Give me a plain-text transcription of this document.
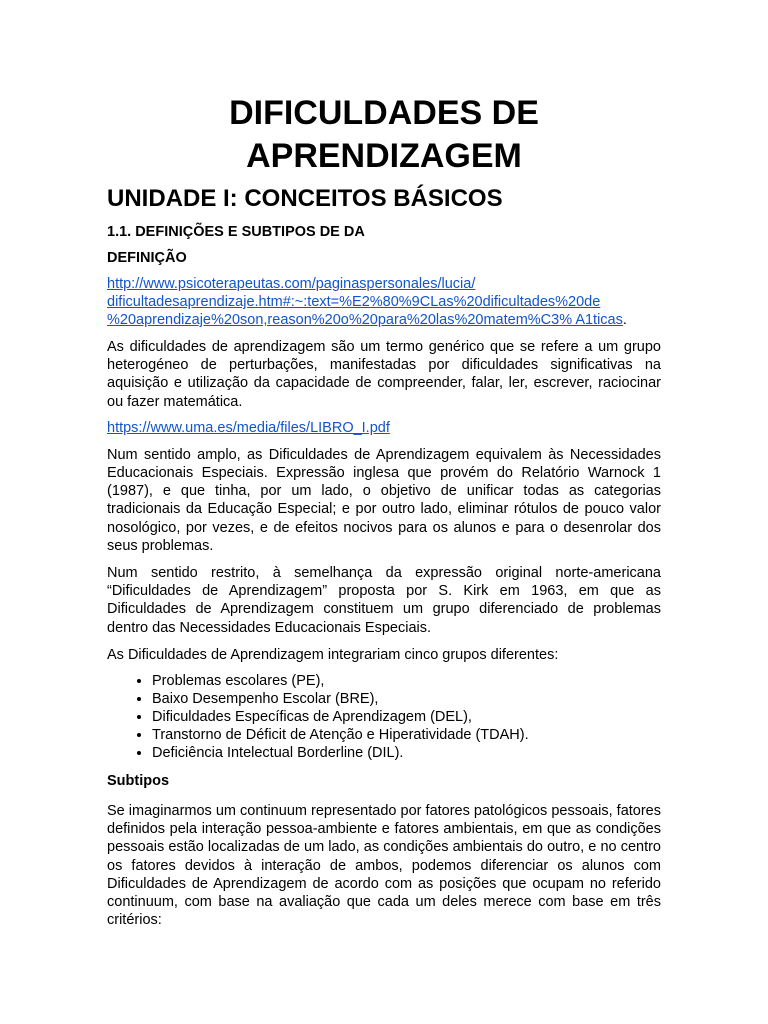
DIFICULDADES DE
APRENDIZAGEM
UNIDADE I: CONCEITOS BÁSICOS
1.1. DEFINIÇÕES E SUBTIPOS DE DA

DEFINIÇÃO

http://www.psicoterapeutas.com/paginaspersonales/lucia/
dificultadesaprendizaje.htm#:~:text=%E2%80%9CLas%20dificultades%20de
%20aprendizaje%20son,reason%20o%20para%20las%20matem%C3% A1ticas.

As dificuldades de aprendizagem são um termo genérico que se refere a um grupo heterogéneo de perturbações, manifestadas por dificuldades significativas na aquisição e utilização da capacidade de compreender, falar, ler, escrever, raciocinar ou fazer matemática.

https://www.uma.es/media/files/LIBRO_I.pdf

Num sentido amplo, as Dificuldades de Aprendizagem equivalem às Necessidades Educacionais Especiais. Expressão inglesa que provém do Relatório Warnock 1 (1987), e que tinha, por um lado, o objetivo de unificar todas as categorias tradicionais da Educação Especial; e por outro lado, eliminar rótulos de pouco valor nosológico, por vezes, e de efeitos nocivos para os alunos e para o desenrolar dos seus problemas.

Num sentido restrito, à semelhança da expressão original norte-americana “Dificuldades de Aprendizagem” proposta por S. Kirk em 1963, em que as Dificuldades de Aprendizagem constituem um grupo diferenciado de problemas dentro das Necessidades Educacionais Especiais.

As Dificuldades de Aprendizagem integrariam cinco grupos diferentes:

• Problemas escolares (PE),
• Baixo Desempenho Escolar (BRE),
• Dificuldades Específicas de Aprendizagem (DEL),
• Transtorno de Déficit de Atenção e Hiperatividade (TDAH).
• Deficiência Intelectual Borderline (DIL).

Subtipos

Se imaginarmos um continuum representado por fatores patológicos pessoais, fatores definidos pela interação pessoa-ambiente e fatores ambientais, em que as condições pessoais estão localizadas de um lado, as condições ambientais do outro, e no centro os fatores devidos à interação de ambos, podemos diferenciar os alunos com Dificuldades de Aprendizagem de acordo com as posições que ocupam no referido continuum, com base na avaliação que cada um deles merece com base em três critérios:
